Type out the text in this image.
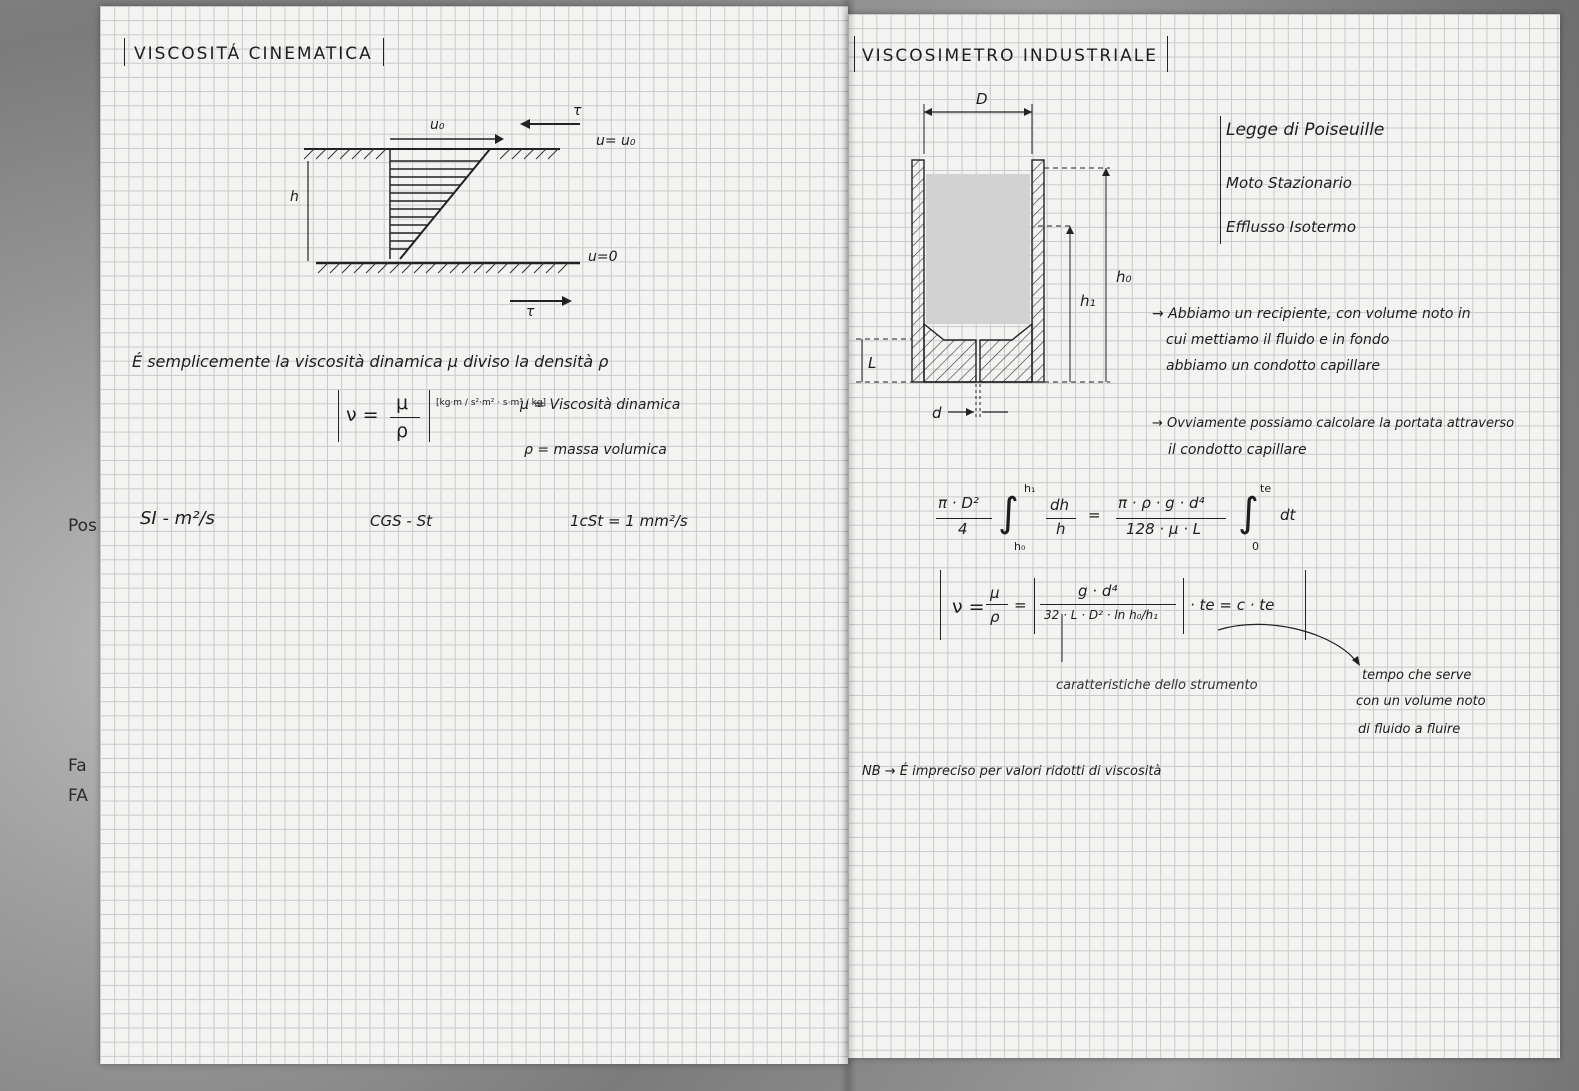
VISCOSITÁ CINEMATICA
u₀
u= u₀
u=0
h
τ
τ
É semplicemente la viscosità dinamica μ diviso la densità ρ
ν =
μ
ρ
[kg·m / s²·m² · s·m³ / kg]
μ = Viscosità dinamica
ρ = massa volumica
SI - m²/s	CGS - St	1cSt = 1 mm²/s
VISCOSIMETRO INDUSTRIALE
D
h₀
h₁
L
d
Legge di Poiseuille
Moto Stazionario
Efflusso Isotermo
→ Abbiamo un recipiente, con volume noto in
cui mettiamo il fluido e in fondo
abbiamo un condotto capillare
→ Ovviamente possiamo calcolare la portata attraverso
il condotto capillare
π · D²
4 ∫
h₁
h₀
dh
h
=
π · ρ · g · d⁴
128 · μ · L ∫
te
0
dt
ν =
μ
ρ
=
g · d⁴
32 · L · D² · ln h₀/h₁
· te = c · te
caratteristiche dello strumento
tempo che serve
con un volume noto
di fluido a fluire
NB → É impreciso per valori ridotti di viscosità
Pos
Fa
FA
